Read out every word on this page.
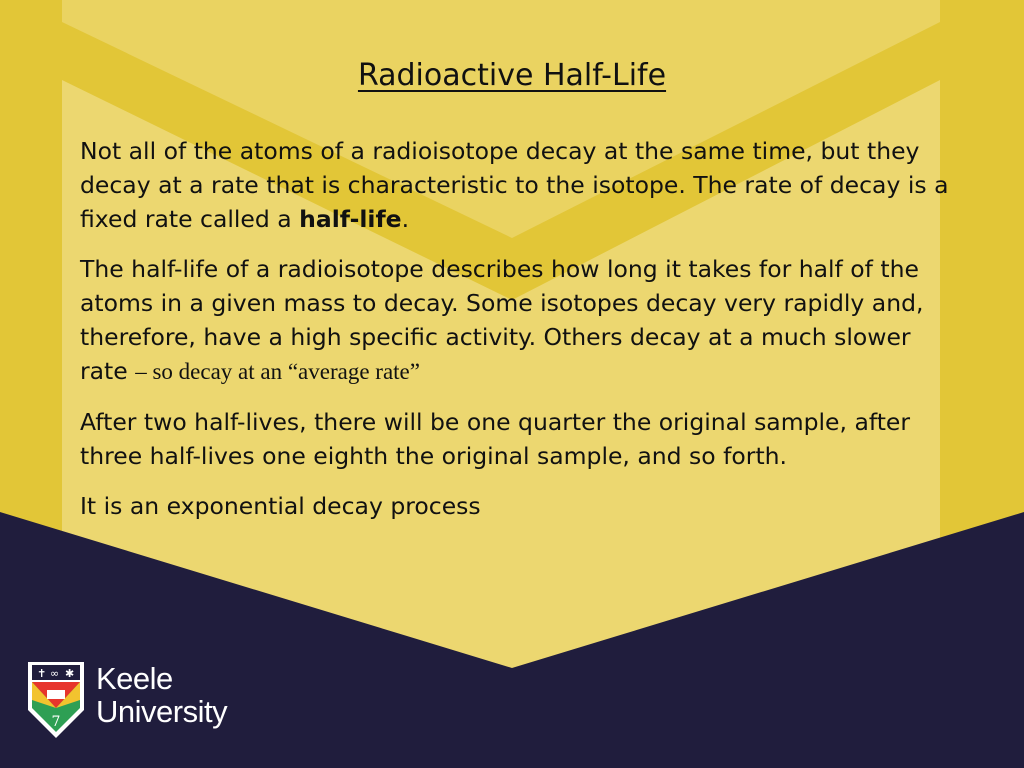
Radioactive Half-Life

Not all of the atoms of a radioisotope decay at the same time, but they decay at a rate that is characteristic to the isotope. The rate of decay is a fixed rate called a half-life.

The half-life of a radioisotope describes how long it takes for half of the atoms in a given mass to decay. Some isotopes decay very rapidly and, therefore, have a high specific activity. Others decay at a much slower rate – so decay at an “average rate”

After two half-lives, there will be one quarter the original sample, after three half-lives one eighth the original sample, and so forth.

It is an exponential decay process

✝ ∞ ✱
7
Keele
University
